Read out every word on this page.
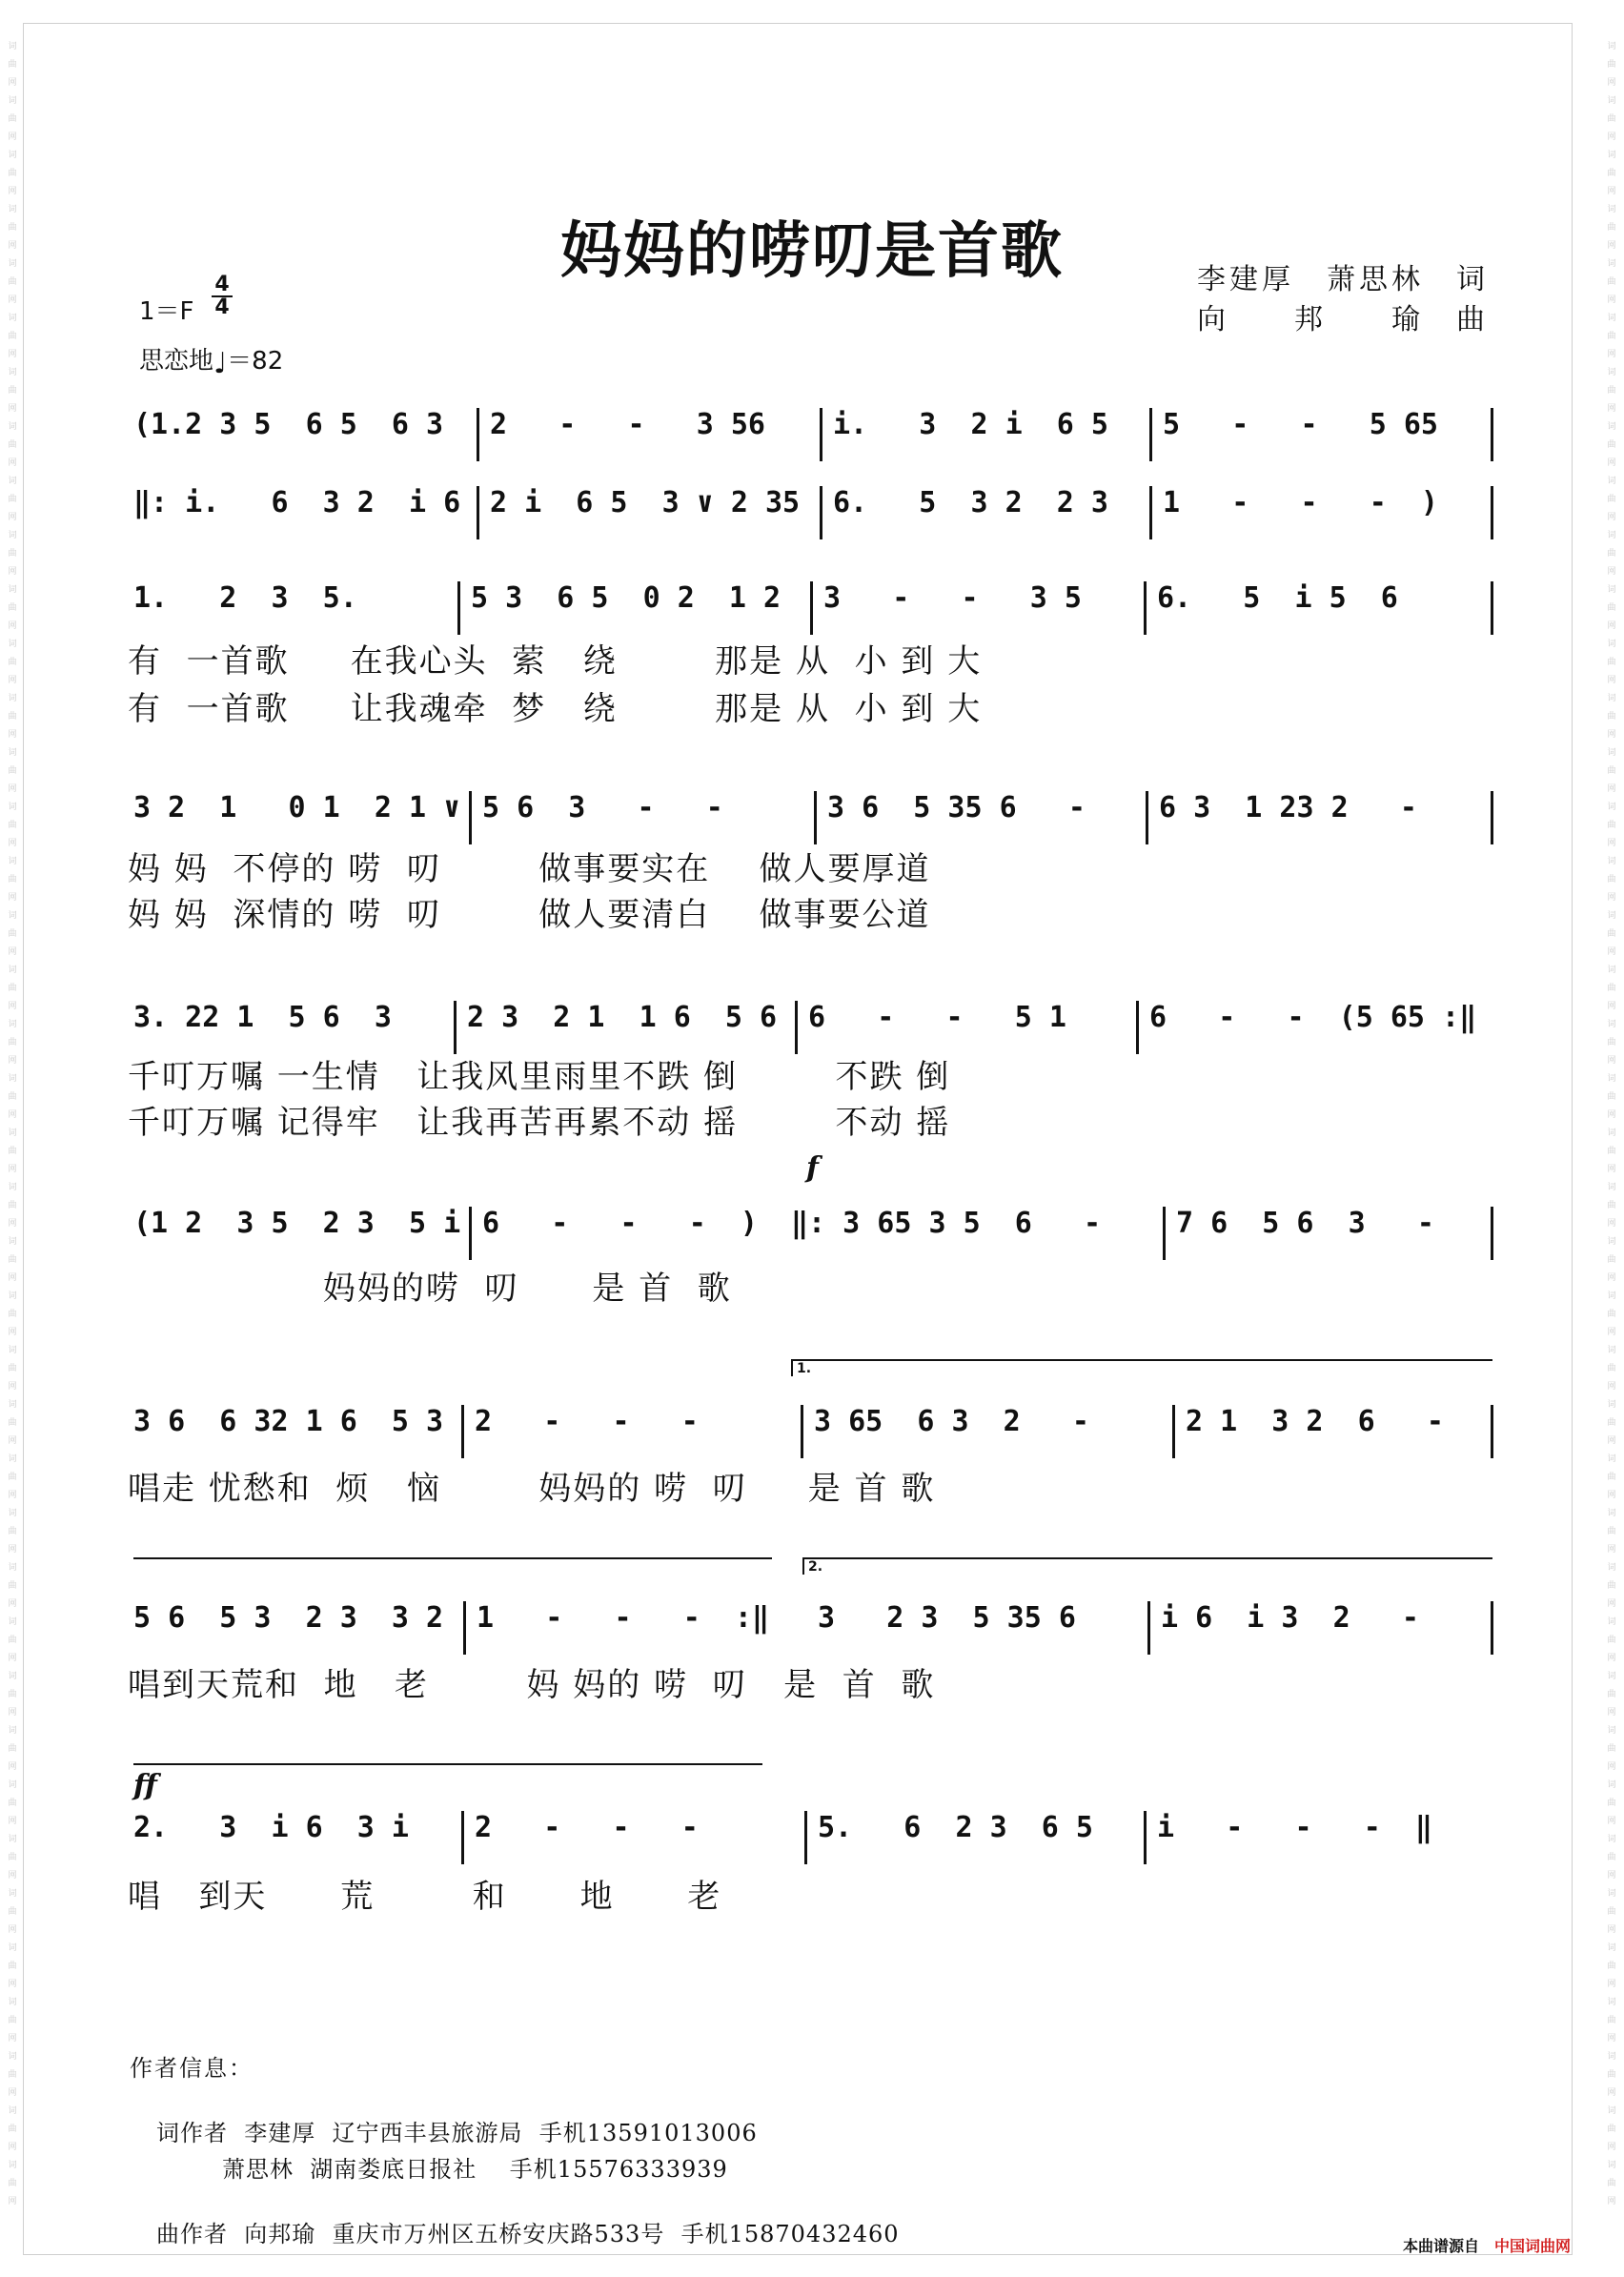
词
曲
网
词
曲
网
词
曲
网
词
曲
网
词
曲
网
词
曲
网
词
曲
网
词
曲
网
词
曲
网
词
曲
网
词
曲
网
词
曲
网
词
曲
网
词
曲
网
词
曲
网
词
曲
网
词
曲
网
词
曲
网
词
曲
网
词
曲
网
词
曲
网
词
曲
网
词
曲
网
词
曲
网
词
曲
网
词
曲
网
词
曲
网
词
曲
网
词
曲
网
词
曲
网
词
曲
网
词
曲
网
词
曲
网
词
曲
网
词
曲
网
词
曲
网
词
曲
网
词
曲
网
词
曲
网
词
曲
网

词
曲
网
词
曲
网
词
曲
网
词
曲
网
词
曲
网
词
曲
网
词
曲
网
词
曲
网
词
曲
网
词
曲
网
词
曲
网
词
曲
网
词
曲
网
词
曲
网
词
曲
网
词
曲
网
词
曲
网
词
曲
网
词
曲
网
词
曲
网
词
曲
网
词
曲
网
词
曲
网
词
曲
网
词
曲
网
词
曲
网
词
曲
网
词
曲
网
词
曲
网
词
曲
网
词
曲
网
词
曲
网
词
曲
网
词
曲
网
词
曲
网
词
曲
网
词
曲
网
词
曲
网
词
曲
网
词
曲
网

妈妈的唠叨是首歌	李建厚　萧思林　词
向　　邦　　瑜　曲
1＝F
4
4
思恋地♩＝82
(1.2 3 5  6 5  6 3 2   -   -   3 56 i.   3  2 i  6 5 5   -   -   5 65
‖: i.   6  3 2  i 6 2 i  6 5  3 ∨ 2 35 6.   5  3 2  2 3 1   -   -   -  )
1.   2  3  5.	5 3  6 5  0 2  1 2 3   -   -   3 5	6.   5  i 5  6
有  一首歌     在我心头  萦   绕        那是 从  小 到 大
有  一首歌     让我魂牵  梦   绕        那是 从  小 到 大
3 2  1   0 1  2 1 ∨ 5 6  3   -   -	3 6  5 35 6   -	6 3  1 23 2   -
妈 妈  不停的 唠  叨        做事要实在    做人要厚道
妈 妈  深情的 唠  叨        做人要清白    做事要公道
3. 22 1  5 6  3	2 3  2 1  1 6  5 6 6   -   -   5 1	6   -   -  (5 65 :‖
千叮万嘱 一生情   让我风里雨里不跌 倒        不跌 倒
千叮万嘱 记得牢   让我再苦再累不动 摇        不动 摇
f
(1 2  3 5  2 3  5 i 6   -   -   -  ) ‖: 3 65 3 5  6   -	7 6  5 6  3   -
妈妈的唠  叨      是 首  歌
1.
3 6  6 32 1 6  5 3 2   -   -   -	3 65  6 3  2   -	2 1  3 2  6   -
唱走 忧愁和  烦   恼        妈妈的 唠  叨     是 首 歌
2.
5 6  5 3  2 3  3 2 1   -   -   -  :‖ 3   2 3  5 35 6	i 6  i 3  2   -
唱到天荒和  地   老        妈 妈的 唠  叨   是  首  歌
ff
2.   3  i 6  3 i 2   -   -   -	5.   6  2 3  6 5 i   -   -   -  ‖
唱   到天      荒        和      地      老
作者信息：
词作者  李建厚  辽宁西丰县旅游局  手机13591013006
萧思林  湖南娄底日报社    手机15576333939
曲作者  向邦瑜  重庆市万州区五桥安庆路533号  手机15870432460	本曲谱源自　 中国词曲网
